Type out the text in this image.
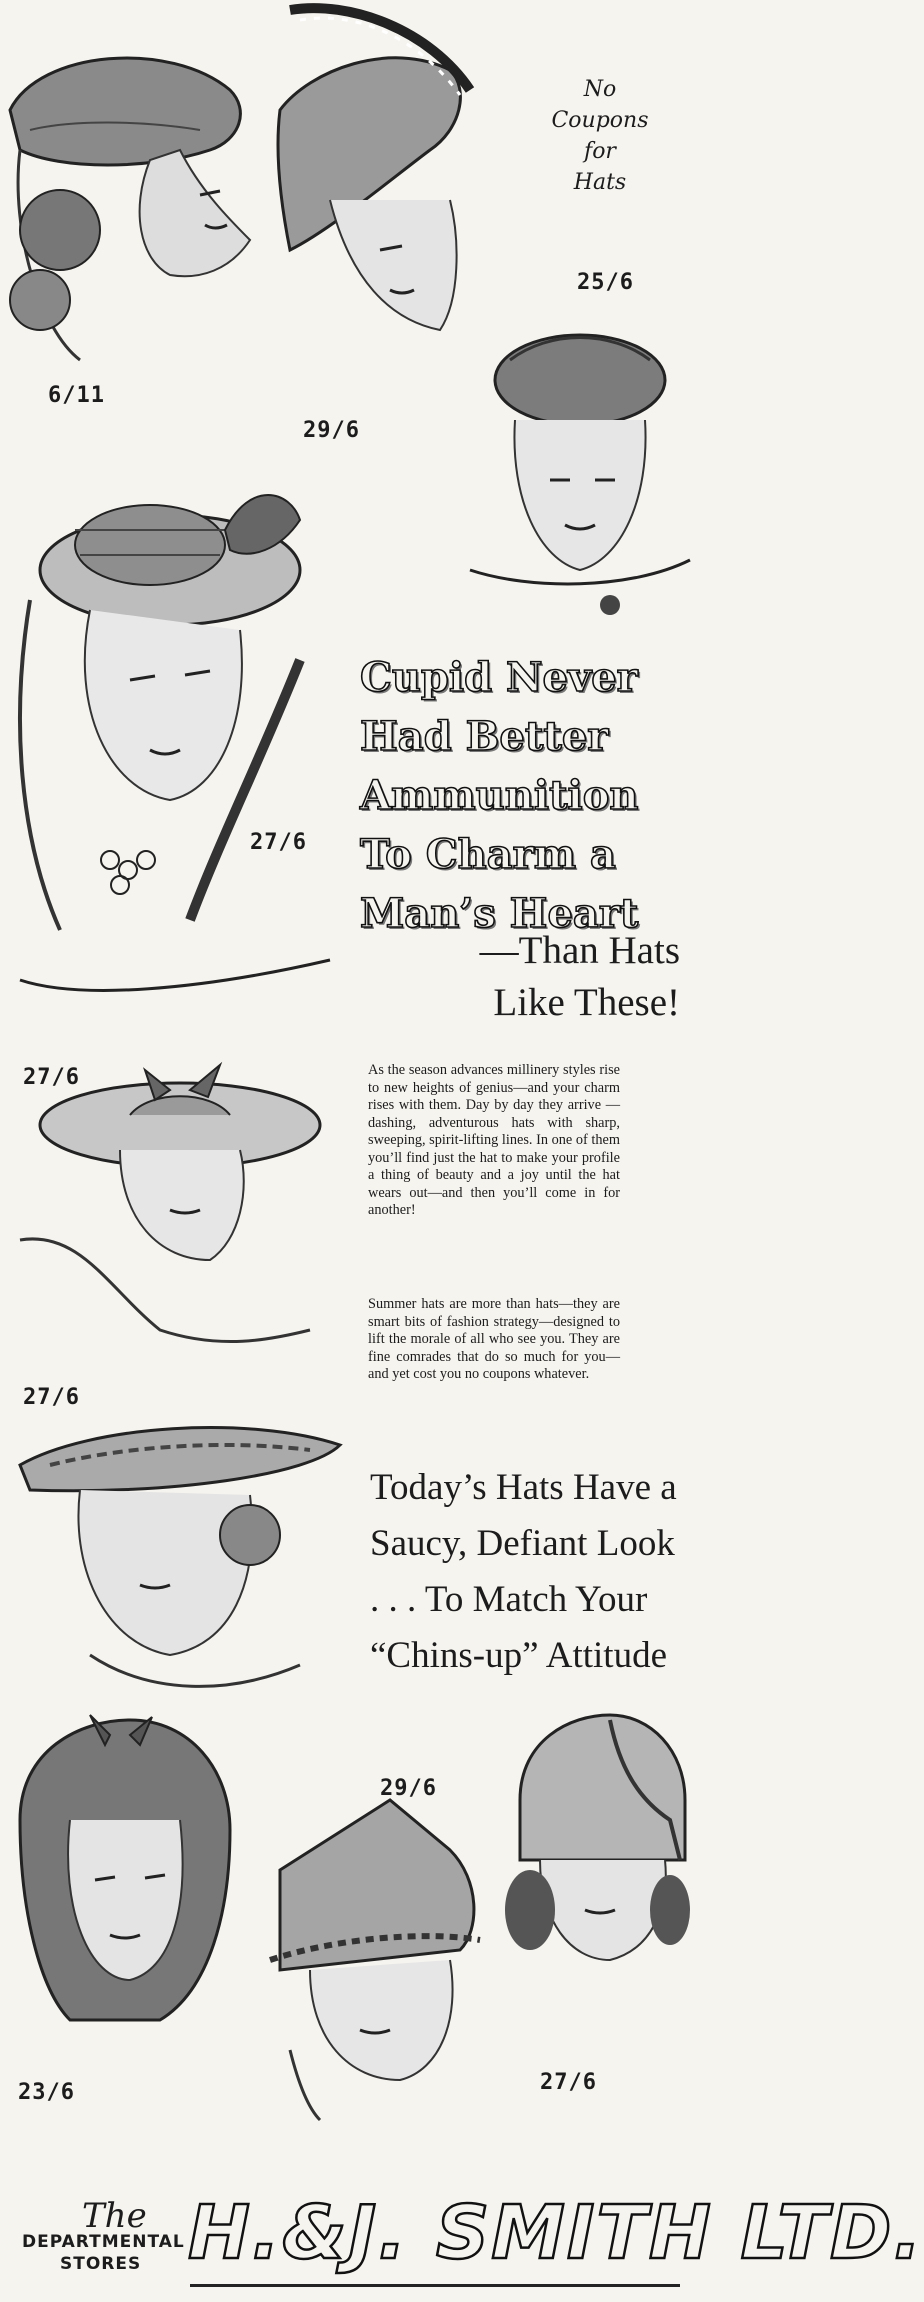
No
Coupons
for
Hats
6/11
29/6
25/6
27/6
Cupid Never
Had Better
Ammunition
To Charm a
Man’s Heart
—Than Hats
Like These!
27/6	As the season advances millinery styles rise to new heights of genius—and your charm rises with them. Day by day they arrive — dashing, adventurous hats with sharp, sweeping, spirit-lifting lines. In one of them you’ll find just the hat to make your profile a thing of beauty and a joy until the hat wears out—and then you’ll come in for another!

Summer hats are more than hats—they are smart bits of fashion strategy—designed to lift the morale of all who see you. They are fine comrades that do so much for you—and yet cost you no coupons whatever.

27/6
Today’s Hats Have a
Saucy, Defiant Look
. . . To Match Your
“Chins-up” Attitude
23/6
29/6
27/6
The
DEPARTMENTAL
STORES H.&J. SMITH LTD.
